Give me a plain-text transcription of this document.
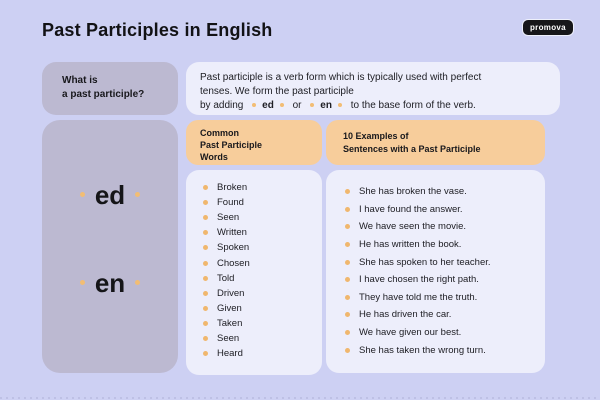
Past Participles in English	promova
What is
a past participle?
Past participle is a verb form which is typically used with perfect
tenses. We form the past participle
by adding ed or en to the base form of the verb.
ed
en
Common
Past Participle
Words
Broken
Found
Seen
Written
Spoken
Chosen
Told
Driven
Given
Taken
Seen
Heard
10 Examples of
Sentences with a Past Participle
She has broken the vase.
I have found the answer.
We have seen the movie.
He has written the book.
She has spoken to her teacher.
I have chosen the right path.
They have told me the truth.
He has driven the car.
We have given our best.
She has taken the wrong turn.
